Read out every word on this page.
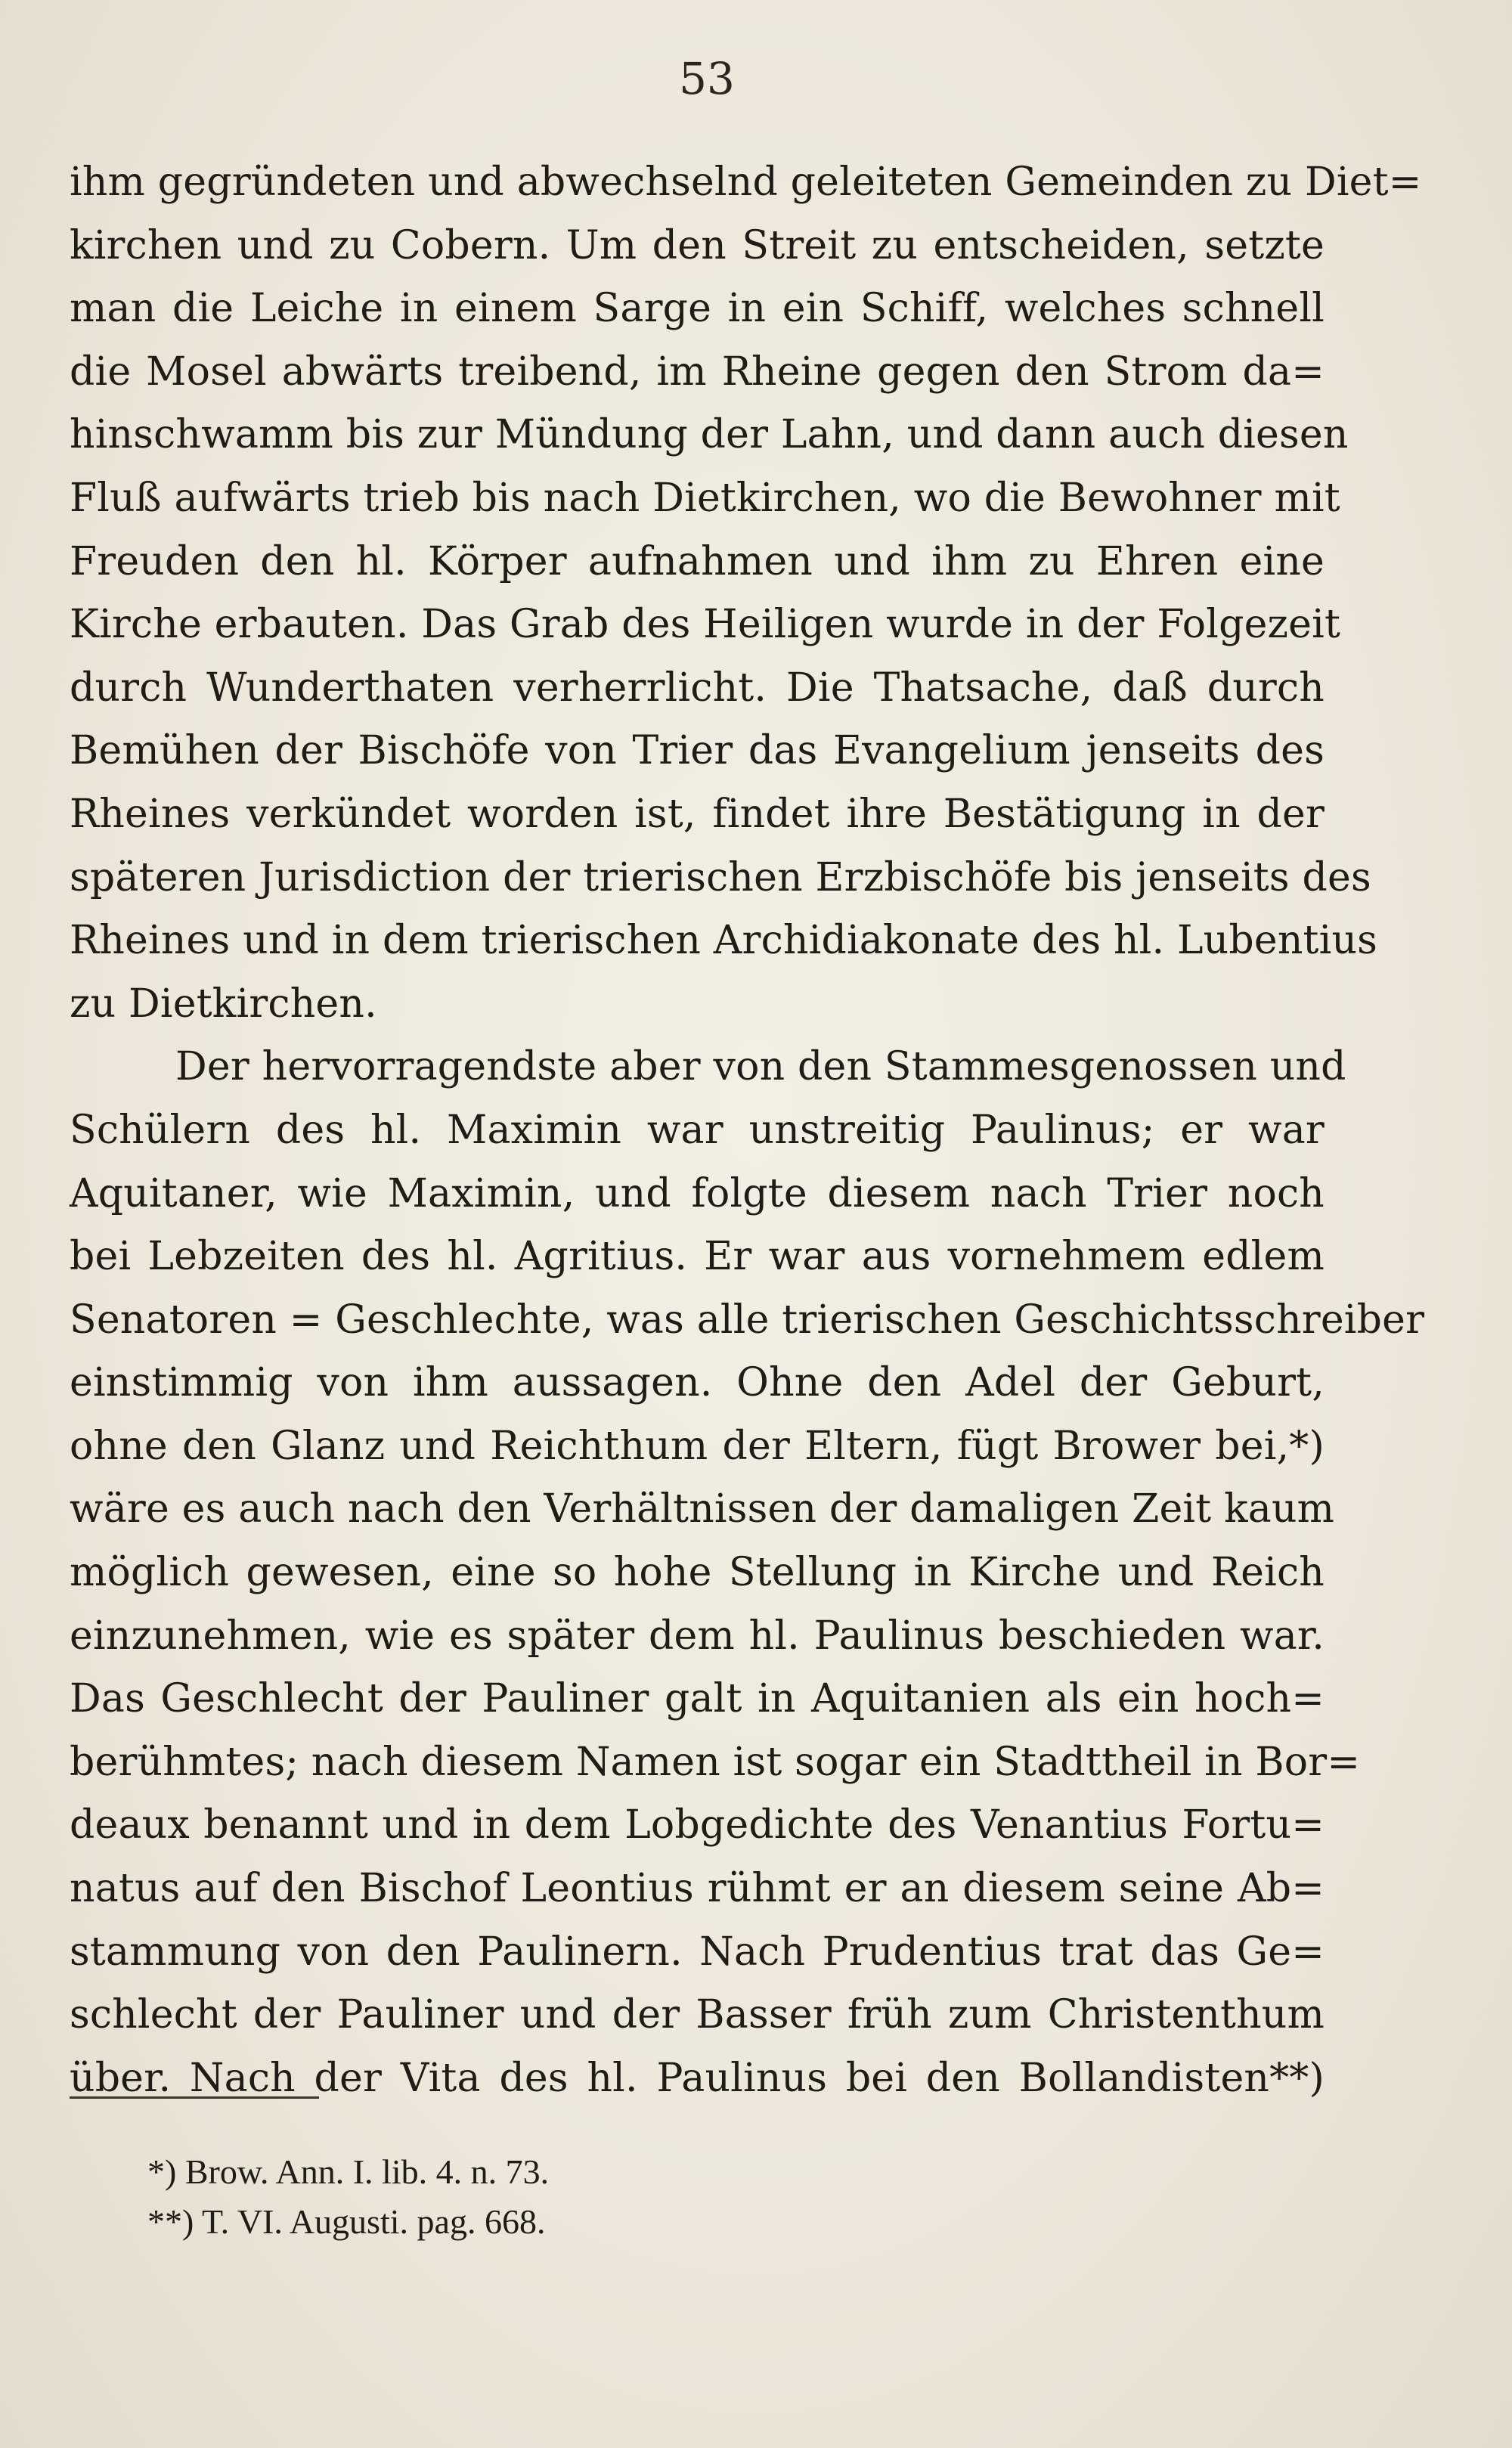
53
ihm gegründeten und abwechselnd geleiteten Gemeinden zu Diet=
kirchen und zu Cobern. Um den Streit zu entscheiden, setzte
man die Leiche in einem Sarge in ein Schiff, welches schnell
die Mosel abwärts treibend, im Rheine gegen den Strom da=
hinschwamm bis zur Mündung der Lahn, und dann auch diesen
Fluß aufwärts trieb bis nach Dietkirchen, wo die Bewohner mit
Freuden den hl. Körper aufnahmen und ihm zu Ehren eine
Kirche erbauten. Das Grab des Heiligen wurde in der Folgezeit
durch Wunderthaten verherrlicht. Die Thatsache, daß durch
Bemühen der Bischöfe von Trier das Evangelium jenseits des
Rheines verkündet worden ist, findet ihre Bestätigung in der
späteren Jurisdiction der trierischen Erzbischöfe bis jenseits des
Rheines und in dem trierischen Archidiakonate des hl. Lubentius
zu Dietkirchen.
Der hervorragendste aber von den Stammesgenossen und
Schülern des hl. Maximin war unstreitig Paulinus; er war
Aquitaner, wie Maximin, und folgte diesem nach Trier noch
bei Lebzeiten des hl. Agritius. Er war aus vornehmem edlem
Senatoren = Geschlechte, was alle trierischen Geschichtsschreiber
einstimmig von ihm aussagen. Ohne den Adel der Geburt,
ohne den Glanz und Reichthum der Eltern, fügt Brower bei,*)
wäre es auch nach den Verhältnissen der damaligen Zeit kaum
möglich gewesen, eine so hohe Stellung in Kirche und Reich
einzunehmen, wie es später dem hl. Paulinus beschieden war.
Das Geschlecht der Pauliner galt in Aquitanien als ein hoch=
berühmtes; nach diesem Namen ist sogar ein Stadttheil in Bor=
deaux benannt und in dem Lobgedichte des Venantius Fortu=
natus auf den Bischof Leontius rühmt er an diesem seine Ab=
stammung von den Paulinern. Nach Prudentius trat das Ge=
schlecht der Pauliner und der Basser früh zum Christenthum
über. Nach der Vita des hl. Paulinus bei den Bollandisten**)
*) Brow. Ann. I. lib. 4. n. 73.
**) T. VI. Augusti. pag. 668.
